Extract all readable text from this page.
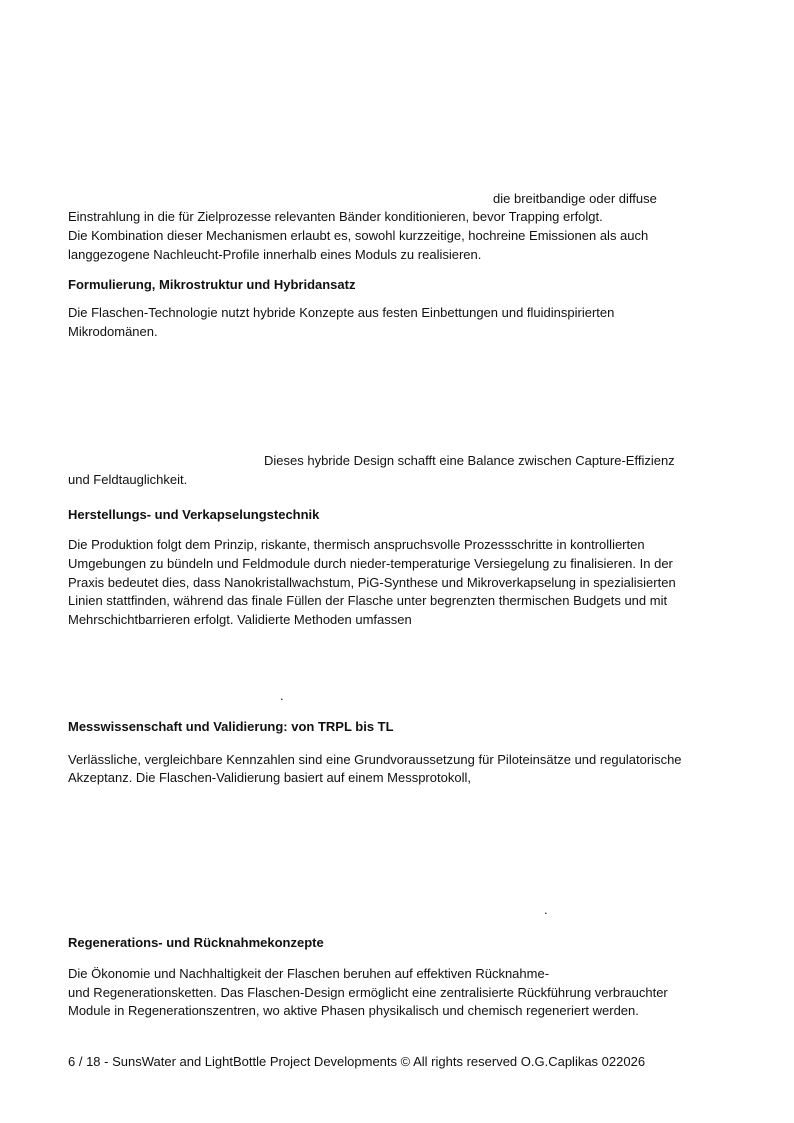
die breitbandige oder diffuse
Einstrahlung in die für Zielprozesse relevanten Bänder konditionieren, bevor Trapping erfolgt.
Die Kombination dieser Mechanismen erlaubt es, sowohl kurzzeitige, hochreine Emissionen als auch
langgezogene Nachleucht-Profile innerhalb eines Moduls zu realisieren.
Formulierung, Mikrostruktur und Hybridansatz
Die Flaschen-Technologie nutzt hybride Konzepte aus festen Einbettungen und fluidinspirierten
Mikrodomänen.
Dieses hybride Design schafft eine Balance zwischen Capture-Effizienz
und Feldtauglichkeit.
Herstellungs- und Verkapselungstechnik
Die Produktion folgt dem Prinzip, riskante, thermisch anspruchsvolle Prozessschritte in kontrollierten
Umgebungen zu bündeln und Feldmodule durch nieder-temperaturige Versiegelung zu finalisieren. In der
Praxis bedeutet dies, dass Nanokristallwachstum, PiG-Synthese und Mikroverkapselung in spezialisierten
Linien stattfinden, während das finale Füllen der Flasche unter begrenzten thermischen Budgets und mit
Mehrschichtbarrieren erfolgt. Validierte Methoden umfassen
.
Messwissenschaft und Validierung: von TRPL bis TL
Verlässliche, vergleichbare Kennzahlen sind eine Grundvoraussetzung für Piloteinsätze und regulatorische
Akzeptanz. Die Flaschen-Validierung basiert auf einem Messprotokoll,
.
Regenerations- und Rücknahmekonzepte
Die Ökonomie und Nachhaltigkeit der Flaschen beruhen auf effektiven Rücknahme-
und Regenerationsketten. Das Flaschen-Design ermöglicht eine zentralisierte Rückführung verbrauchter
Module in Regenerationszentren, wo aktive Phasen physikalisch und chemisch regeneriert werden.
6 / 18 - SunsWater and LightBottle Project Developments © All rights reserved O.G.Caplikas 022026
